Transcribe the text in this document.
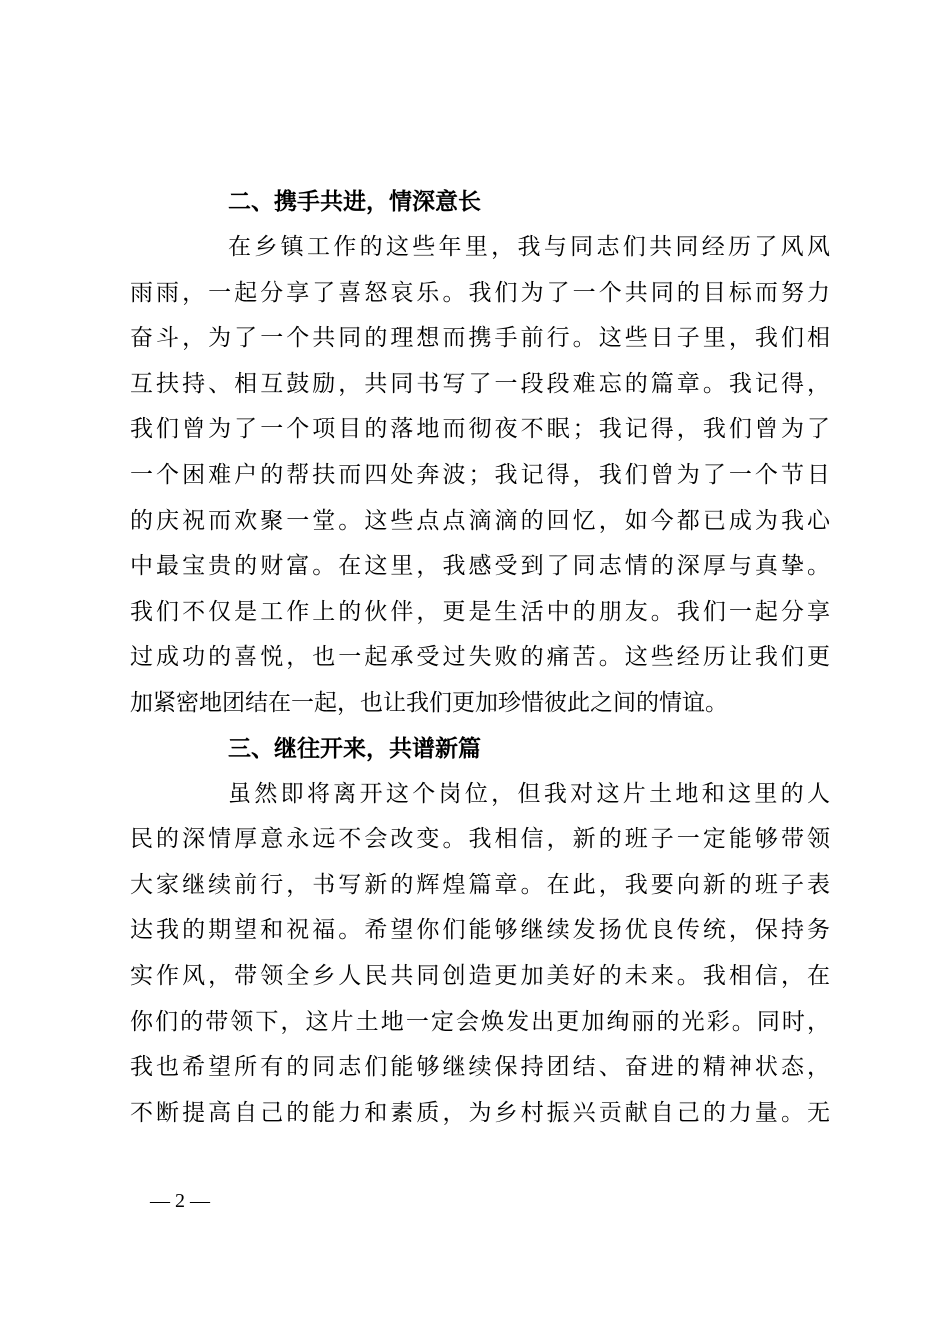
二、携手共进，情深意长
在乡镇工作的这些年里，我与同志们共同经历了风风
雨雨，一起分享了喜怒哀乐。我们为了一个共同的目标而努力
奋斗，为了一个共同的理想而携手前行。这些日子里，我们相
互扶持、相互鼓励，共同书写了一段段难忘的篇章。我记得，
我们曾为了一个项目的落地而彻夜不眠；我记得，我们曾为了
一个困难户的帮扶而四处奔波；我记得，我们曾为了一个节日
的庆祝而欢聚一堂。这些点点滴滴的回忆，如今都已成为我心
中最宝贵的财富。在这里，我感受到了同志情的深厚与真挚。
我们不仅是工作上的伙伴，更是生活中的朋友。我们一起分享
过成功的喜悦，也一起承受过失败的痛苦。这些经历让我们更
加紧密地团结在一起，也让我们更加珍惜彼此之间的情谊。
三、继往开来，共谱新篇
虽然即将离开这个岗位，但我对这片土地和这里的人
民的深情厚意永远不会改变。我相信，新的班子一定能够带领
大家继续前行，书写新的辉煌篇章。在此，我要向新的班子表
达我的期望和祝福。希望你们能够继续发扬优良传统，保持务
实作风，带领全乡人民共同创造更加美好的未来。我相信，在
你们的带领下，这片土地一定会焕发出更加绚丽的光彩。同时，
我也希望所有的同志们能够继续保持团结、奋进的精神状态，
不断提高自己的能力和素质，为乡村振兴贡献自己的力量。无
— 2 —
